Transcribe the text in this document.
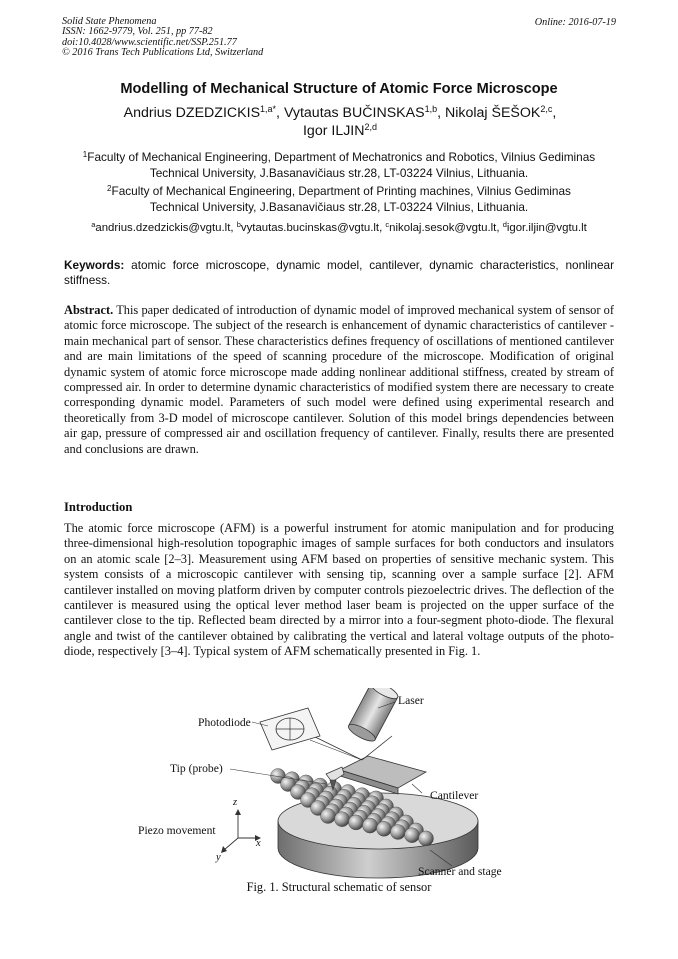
Solid State Phenomena
ISSN: 1662-9779, Vol. 251, pp 77-82
doi:10.4028/www.scientific.net/SSP.251.77
© 2016 Trans Tech Publications Ltd, Switzerland
Online: 2016-07-19
Modelling of Mechanical Structure of Atomic Force Microscope
Andrius $DZEDZICKIS^{1,a*}$, Vytautas BUČINSKAS$^{1,b}$, Nikolaj ŠEŠOK$^{2,c}$,
Igor ILJIN$^{2,d}$
$^1$Faculty of Mechanical Engineering, Department of Mechatronics and Robotics, Vilnius Gediminas
Technical University, J.Basanavičiaus str.28, LT-03224 Vilnius, Lithuania.
$^2$Faculty of Mechanical Engineering, Department of Printing machines, Vilnius Gediminas
Technical University, J.Basanavičiaus str.28, LT-03224 Vilnius, Lithuania.
$^a$andrius.dzedzickis@vgtu.lt, $^b$vytautas.bucinskas@vgtu.lt, $^c$nikolaj.sesok@vgtu.lt, $^d$igor.iljin@vgtu.lt
Keywords: atomic force microscope, dynamic model, cantilever, dynamic characteristics, nonlinear stiffness.
Abstract. This paper dedicated of introduction of dynamic model of improved mechanical system of sensor of atomic force microscope. The subject of the research is enhancement of dynamic characteristics of cantilever - main mechanical part of sensor. These characteristics defines frequency of oscillations of mentioned cantilever and are main limitations of the speed of scanning procedure of the microscope. Modification of original dynamic system of atomic force microscope made adding nonlinear additional stiffness, created by stream of compressed air. In order to determine dynamic characteristics of modified system there are necessary to create corresponding dynamic model. Parameters of such model were defined using experimental research and theoretically from 3-D model of microscope cantilever. Solution of this model brings dependencies between air gap, pressure of compressed air and oscillation frequency of cantilever. Finally, results there are presented and conclusions are drawn.
Introduction
The atomic force microscope (AFM) is a powerful instrument for atomic manipulation and for producing three-dimensional high-resolution topographic images of sample surfaces for both conductors and insulators on an atomic scale [2–3]. Measurement using AFM based on properties of sensitive mechanic system. This system consists of a microscopic cantilever with sensing tip, scanning over a sample surface [2]. AFM cantilever installed on moving platform driven by computer controls piezoelectric drives. The deflection of the cantilever is measured using the optical lever method laser beam is projected on the upper surface of the cantilever close to the tip. Reflected beam directed by a mirror into a four-segment photo-diode. The flexural angle and twist of the cantilever obtained by calibrating the vertical and lateral voltage outputs of the photo-diode, respectively [3–4]. Typical system of AFM schematically presented in Fig. 1.
Laser
Photodiode
Tip (probe)
Cantilever
Piezo movement
Scanner and stage
z
x
y
Fig. 1. Structural schematic of sensor
